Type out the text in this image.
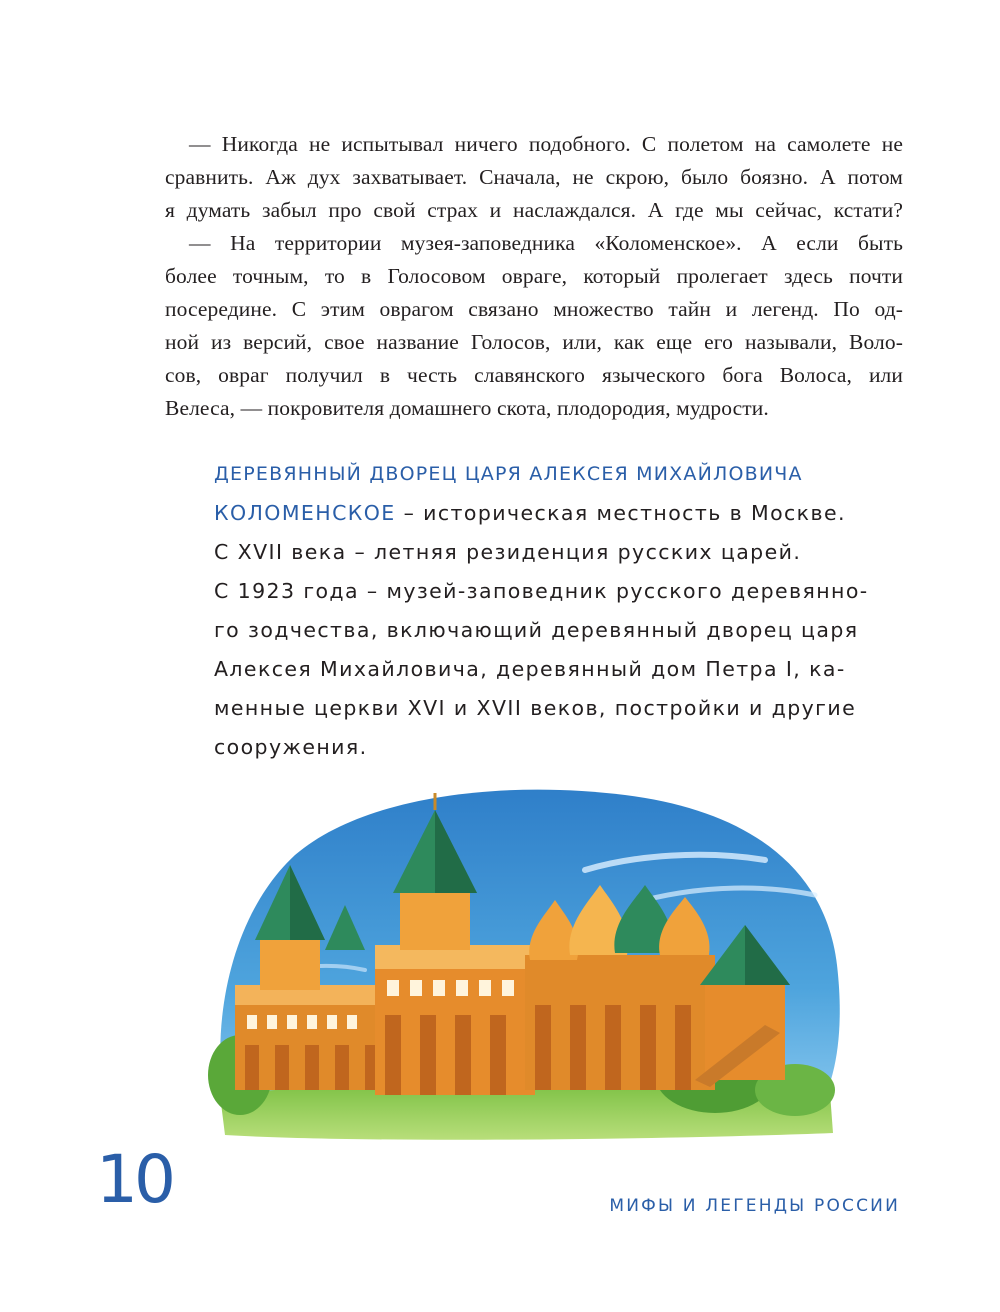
— Никогда не испытывал ничего подобного. С полетом на самолете не
сравнить. Аж дух захватывает. Сначала, не скрою, было боязно. А потом
я думать забыл про свой страх и наслаждался. А где мы сейчас, кстати?

— На территории музея-заповедника «Коломенское». А если быть
более точным, то в Голосовом овраге, который пролегает здесь почти
посередине. С этим оврагом связано множество тайн и легенд. По од-
ной из версий, свое название Голосов, или, как еще его называли, Воло-
сов, овраг получил в честь славянского языческого бога Волоса, или
Велеса, — покровителя домашнего скота, плодородия, мудрости.

ДЕРЕВЯННЫЙ ДВОРЕЦ ЦАРЯ АЛЕКСЕЯ МИХАЙЛОВИЧА
КОЛОМЕНСКОЕ – историческая местность в Москве.
С XVII века – летняя резиденция русских царей.
С 1923 года – музей-заповедник русского деревянно-
го зодчества, включающий деревянный дворец царя
Алексея Михайловича, деревянный дом Петра I, ка-
менные церкви XVI и XVII веков, постройки и другие
сооружения.
10	МИФЫ И ЛЕГЕНДЫ РОССИИ
